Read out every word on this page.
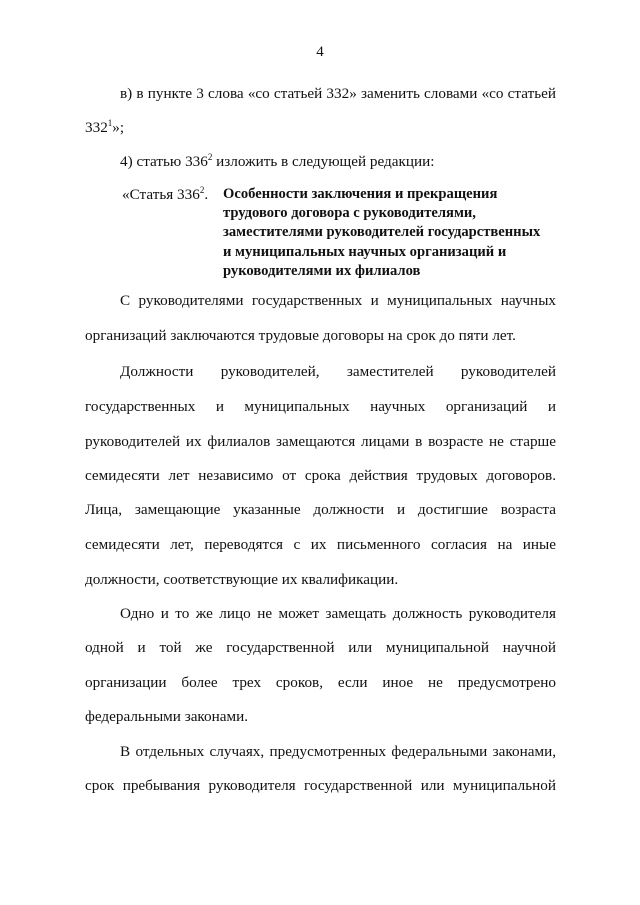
4
в) в пункте 3 слова «со статьей 332» заменить словами «со статьей
$332^1$»;
4) статью $336^2$ изложить в следующей редакции:
«Статья $336^2$. Особенности заключения и прекращения
трудового договора с руководителями,
заместителями руководителей государственных
и муниципальных научных организаций и
руководителями их филиалов
С руководителями государственных и муниципальных научных
организаций заключаются трудовые договоры на срок до пяти лет.
Должности руководителей, заместителей руководителей
государственных и муниципальных научных организаций и
руководителей их филиалов замещаются лицами в возрасте не старше
семидесяти лет независимо от срока действия трудовых договоров.
Лица, замещающие указанные должности и достигшие возраста
семидесяти лет, переводятся с их письменного согласия на иные
должности, соответствующие их квалификации.
Одно и то же лицо не может замещать должность руководителя
одной и той же государственной или муниципальной научной
организации более трех сроков, если иное не предусмотрено
федеральными законами.
В отдельных случаях, предусмотренных федеральными законами,
срок пребывания руководителя государственной или муниципальной
